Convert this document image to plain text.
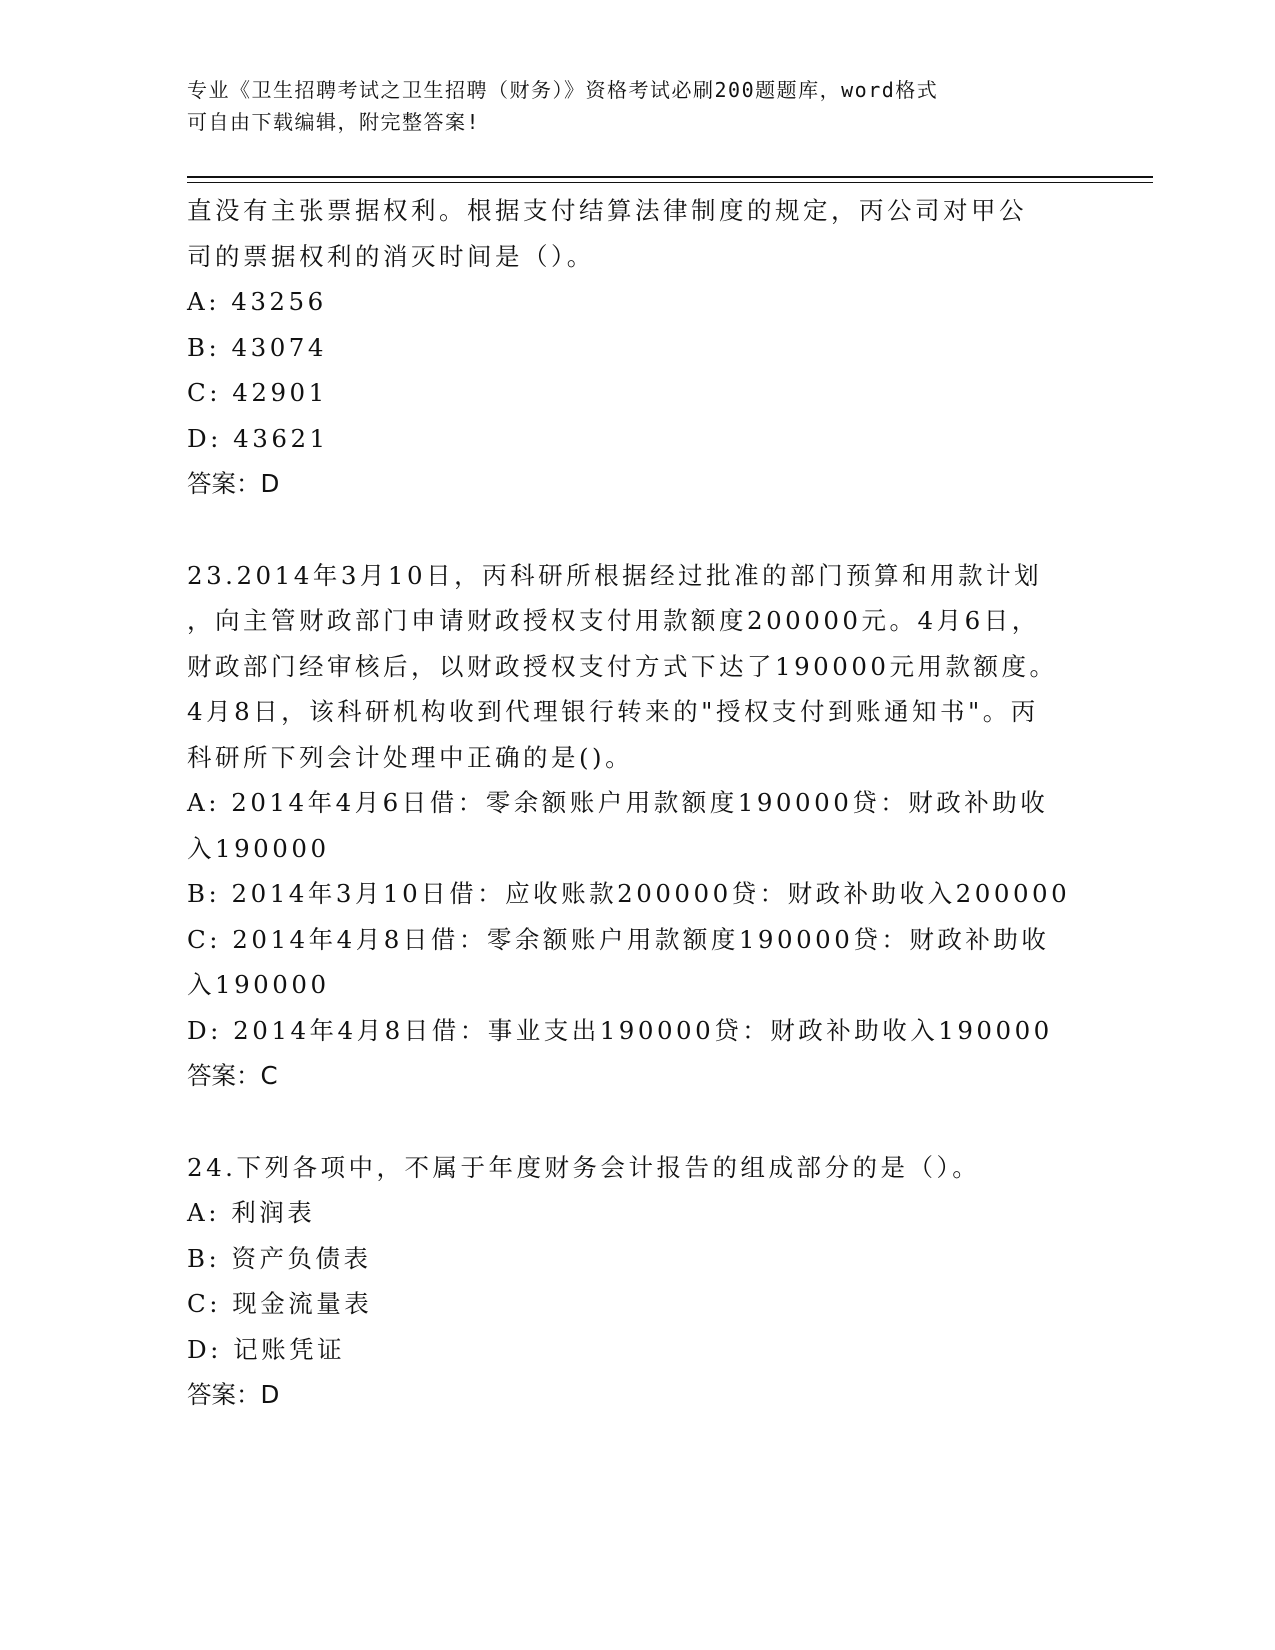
专业《卫生招聘考试之卫生招聘（财务）》资格考试必刷200题题库，word格式
可自由下载编辑，附完整答案!

直没有主张票据权利。根据支付结算法律制度的规定，丙公司对甲公

司的票据权利的消灭时间是（）。

A: 43256

B: 43074

C: 42901

D: 43621

答案：D

23.2014年3月10日，丙科研所根据经过批准的部门预算和用款计划

，向主管财政部门申请财政授权支付用款额度200000元。4月6日，

财政部门经审核后，以财政授权支付方式下达了190000元用款额度。

4月8日，该科研机构收到代理银行转来的"授权支付到账通知书"。丙

科研所下列会计处理中正确的是()。

A: 2014年4月6日借：零余额账户用款额度190000贷：财政补助收

入190000

B: 2014年3月10日借：应收账款200000贷：财政补助收入200000

C: 2014年4月8日借：零余额账户用款额度190000贷：财政补助收

入190000

D: 2014年4月8日借：事业支出190000贷：财政补助收入190000

答案：C

24.下列各项中，不属于年度财务会计报告的组成部分的是（）。

A: 利润表

B: 资产负债表

C: 现金流量表

D: 记账凭证

答案：D
